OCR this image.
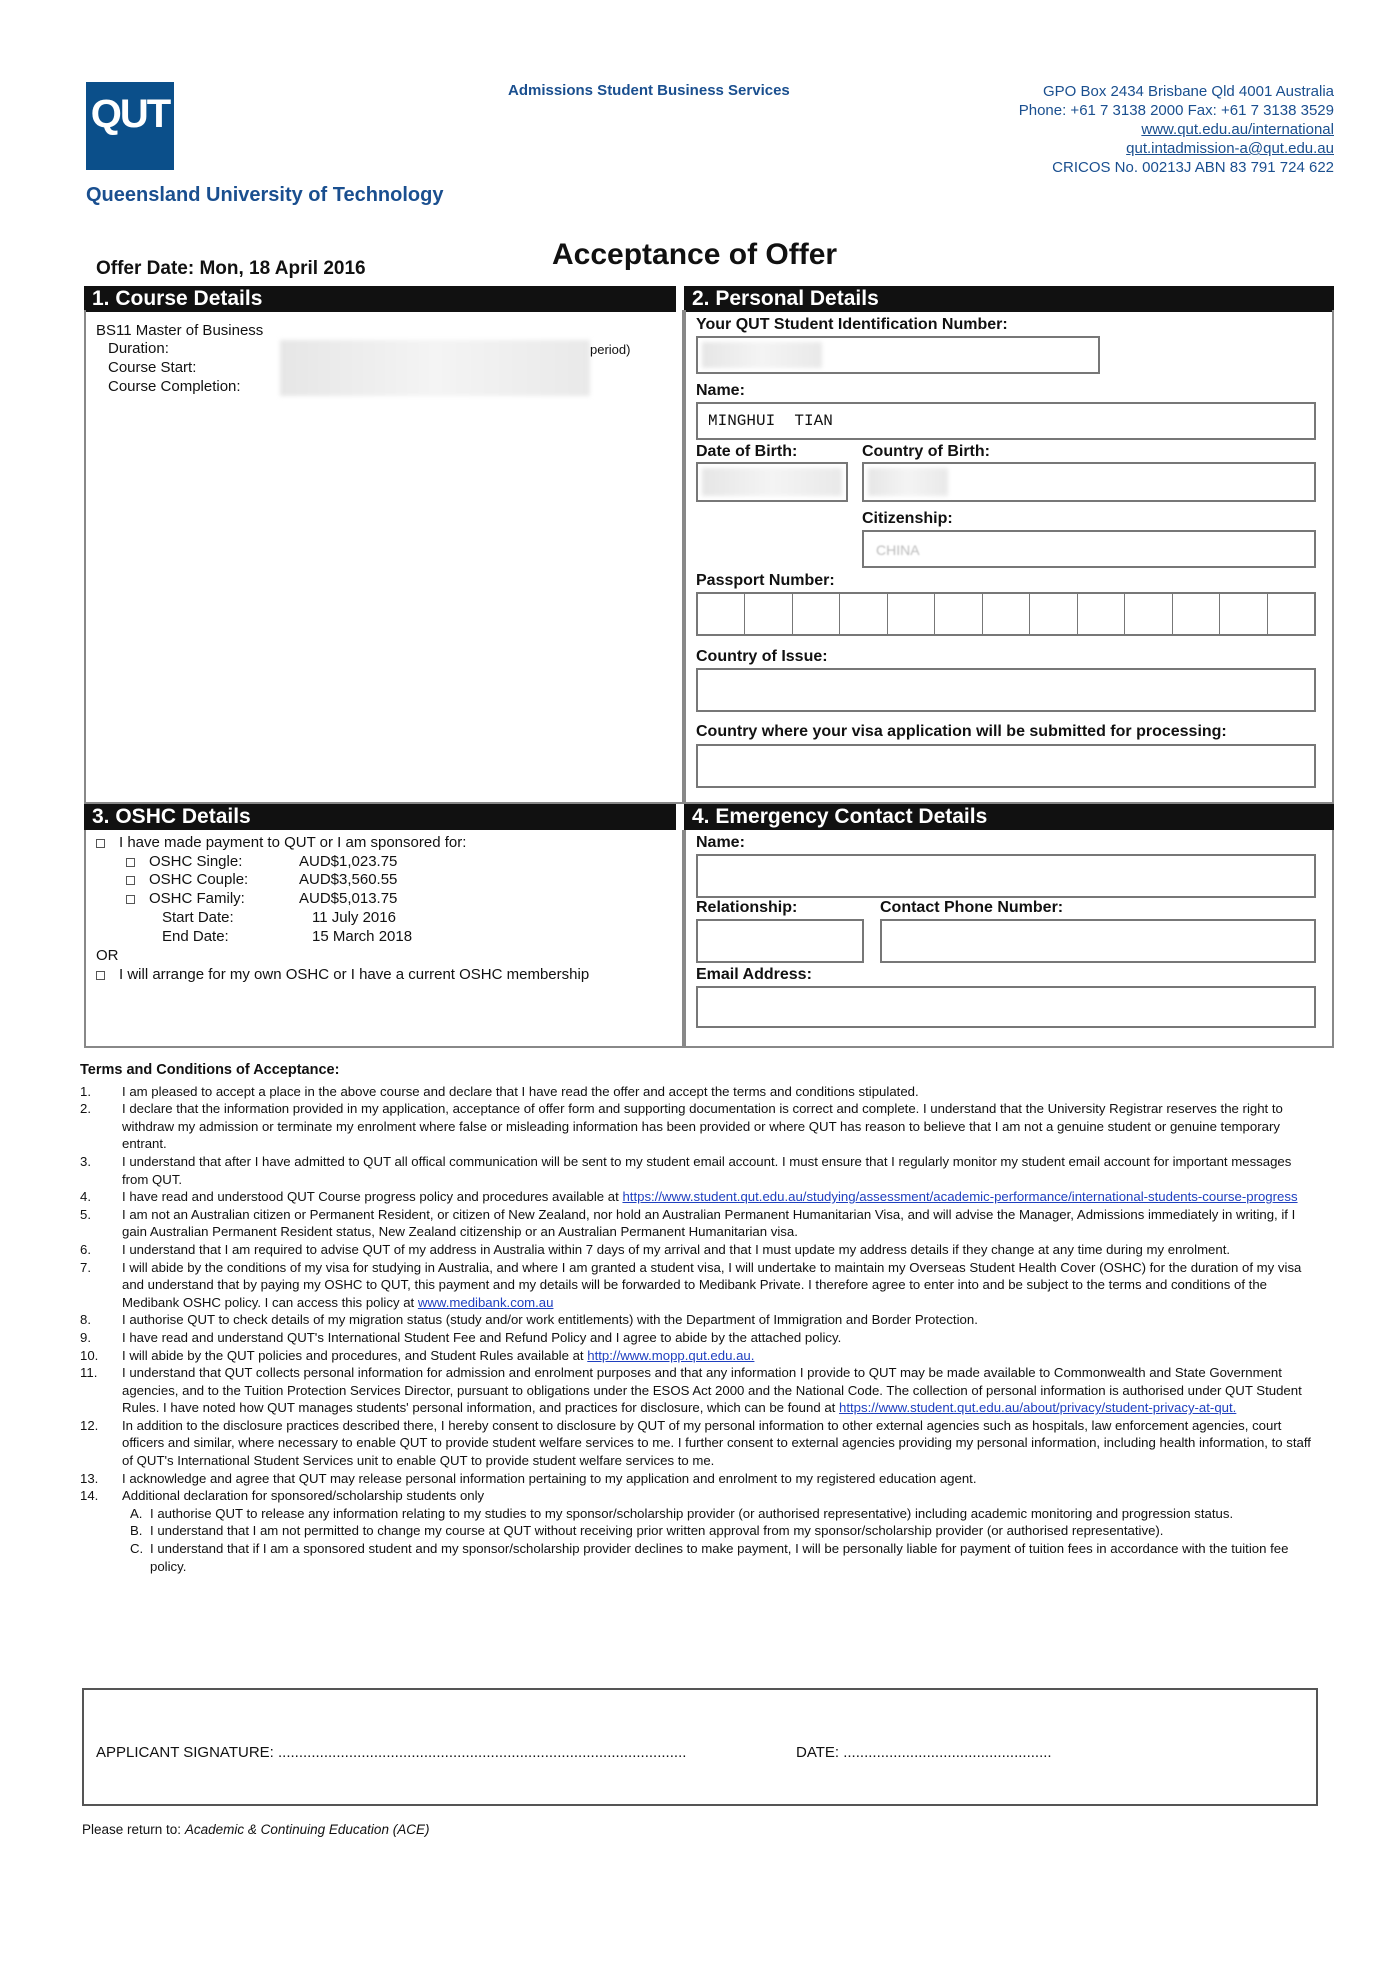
QUT
Queensland University of Technology
Admissions Student Business Services	GPO Box 2434 Brisbane Qld 4001 Australia
Phone: +61 7 3138 2000 Fax: +61 7 3138 3529
www.qut.edu.au/international
qut.intadmission-a@qut.edu.au
CRICOS No. 00213J ABN 83 791 724 622
Offer Date: Mon, 18 April 2016	Acceptance of Offer
1. Course Details	2. Personal Details
BS11 Master of Business
Duration:
Course Start:
Course Completion:
period)
Your QUT Student Identification Number:
Name:
MINGHUI  TIAN
Date of Birth:	Country of Birth:
Citizenship:
CHINA
Passport Number:
Country of Issue:
Country where your visa application will be submitted for processing:
3. OSHC Details	4. Emergency Contact Details
I have made payment to QUT or I am sponsored for:
OSHC Single:	AUD$1,023.75
OSHC Couple:	AUD$3,560.55
OSHC Family:	AUD$5,013.75
Start Date:	11 July 2016
End Date:	15 March 2018
OR
I will arrange for my own OSHC or I have a current OSHC membership
Name:
Relationship:	Contact Phone Number:
Email Address:
Terms and Conditions of Acceptance:
1.	I am pleased to accept a place in the above course and declare that I have read the offer and accept the terms and conditions stipulated.
2.	I declare that the information provided in my application, acceptance of offer form and supporting documentation is correct and complete. I understand that the University Registrar reserves the right to withdraw my admission or terminate my enrolment where false or misleading information has been provided or where QUT has reason to believe that I am not a genuine student or genuine temporary entrant.
3.	I understand that after I have admitted to QUT all offical communication will be sent to my student email account. I must ensure that I regularly monitor my student email account for important messages from QUT.
4.	I have read and understood QUT Course progress policy and procedures available at https://www.student.qut.edu.au/studying/assessment/academic-performance/international-students-course-progress
5.	I am not an Australian citizen or Permanent Resident, or citizen of New Zealand, nor hold an Australian Permanent Humanitarian Visa, and will advise the Manager, Admissions immediately in writing, if I gain Australian Permanent Resident status, New Zealand citizenship or an Australian Permanent Humanitarian visa.
6.	I understand that I am required to advise QUT of my address in Australia within 7 days of my arrival and that I must update my address details if they change at any time during my enrolment.
7.	I will abide by the conditions of my visa for studying in Australia, and where I am granted a student visa, I will undertake to maintain my Overseas Student Health Cover (OSHC) for the duration of my visa and understand that by paying my OSHC to QUT, this payment and my details will be forwarded to Medibank Private. I therefore agree to enter into and be subject to the terms and conditions of the Medibank OSHC policy. I can access this policy at www.medibank.com.au
8.	I authorise QUT to check details of my migration status (study and/or work entitlements) with the Department of Immigration and Border Protection.
9.	I have read and understand QUT's International Student Fee and Refund Policy and I agree to abide by the attached policy.
10.	I will abide by the QUT policies and procedures, and Student Rules available at http://www.mopp.qut.edu.au.
11.	I understand that QUT collects personal information for admission and enrolment purposes and that any information I provide to QUT may be made available to Commonwealth and State Government agencies, and to the Tuition Protection Services Director, pursuant to obligations under the ESOS Act 2000 and the National Code. The collection of personal information is authorised under QUT Student Rules. I have noted how QUT manages students' personal information, and practices for disclosure, which can be found at https://www.student.qut.edu.au/about/privacy/student-privacy-at-qut.
12.	In addition to the disclosure practices described there, I hereby consent to disclosure by QUT of my personal information to other external agencies such as hospitals, law enforcement agencies, court officers and similar, where necessary to enable QUT to provide student welfare services to me. I further consent to external agencies providing my personal information, including health information, to staff of QUT's International Student Services unit to enable QUT to provide student welfare services to me.
13.	I acknowledge and agree that QUT may release personal information pertaining to my application and enrolment to my registered education agent.
14.	Additional declaration for sponsored/scholarship students only
A. I authorise QUT to release any information relating to my studies to my sponsor/scholarship provider (or authorised representative) including academic monitoring and progression status.
B. I understand that I am not permitted to change my course at QUT without receiving prior written approval from my sponsor/scholarship provider (or authorised representative).
C. I understand that if I am a sponsored student and my sponsor/scholarship provider declines to make payment, I will be personally liable for payment of tuition fees in accordance with the tuition fee policy.
APPLICANT SIGNATURE: ..................................................................................................	DATE: ..................................................
Please return to: Academic & Continuing Education (ACE)
